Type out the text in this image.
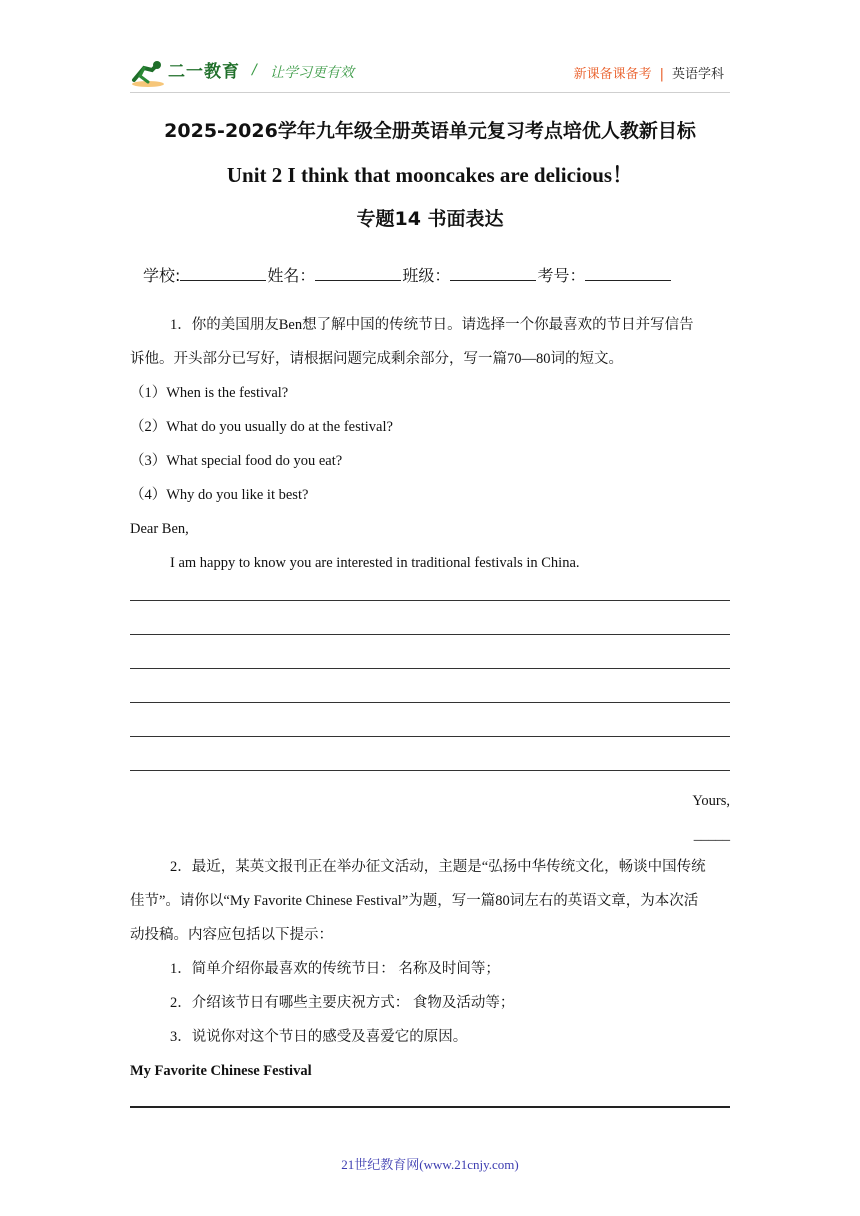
二一教育 / 让学习更有效	新课备课备考 | 英语学科
2025-2026学年九年级全册英语单元复习考点培优人教新目标
Unit 2 I think that mooncakes are delicious！
专题14 书面表达
学校:	姓名：	班级：	考号：
1．你的美国朋友Ben想了解中国的传统节日。请选择一个你最喜欢的节日并写信告
诉他。开头部分已写好，请根据问题完成剩余部分，写一篇70—80词的短文。
（1）When is the festival?
（2）What do you usually do at the festival?
（3）What special food do you eat?
（4）Why do you like it best?
Dear Ben,
I am happy to know you are interested in traditional festivals in China.
Yours,
_____
2．最近，某英文报刊正在举办征文活动，主题是“弘扬中华传统文化，畅谈中国传统
佳节”。请你以“My Favorite Chinese Festival”为题，写一篇80词左右的英语文章，为本次活
动投稿。内容应包括以下提示：
1．简单介绍你最喜欢的传统节日： 名称及时间等；
2．介绍该节日有哪些主要庆祝方式： 食物及活动等；
3．说说你对这个节日的感受及喜爱它的原因。
My Favorite Chinese Festival
21世纪教育网(www.21cnjy.com)
